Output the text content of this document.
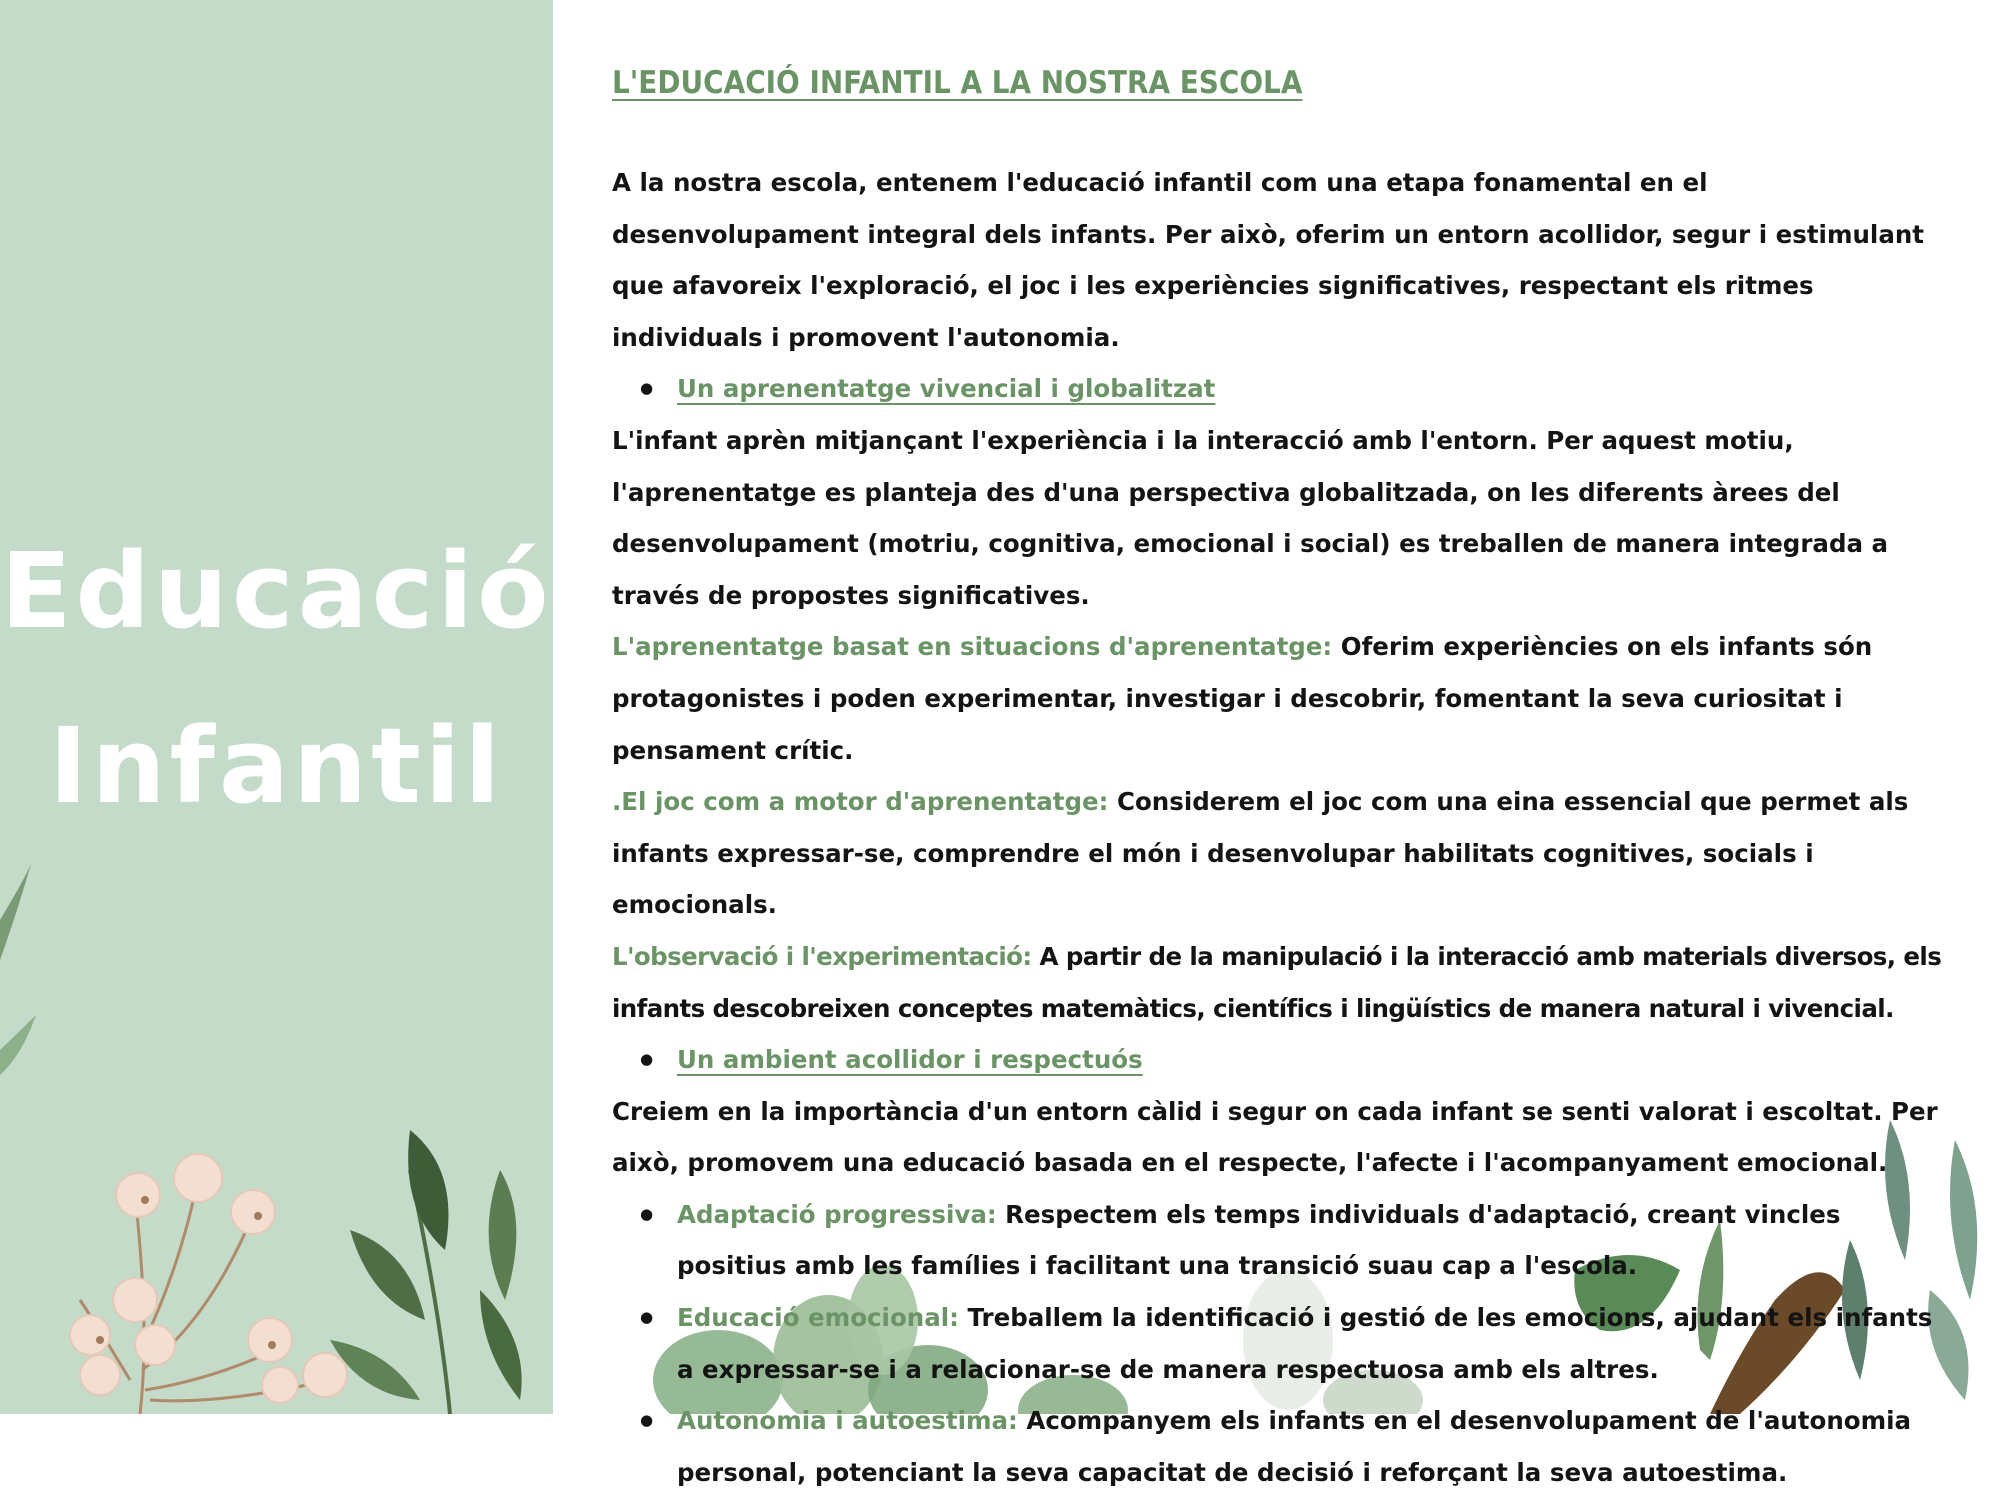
Educació
Infantil
L'EDUCACIÓ INFANTIL A LA NOSTRA ESCOLA

A la nostra escola, entenem l'educació infantil com una etapa fonamental en el desenvolupament integral dels infants. Per això, oferim un entorn acollidor, segur i estimulant que afavoreix l'exploració, el joc i les experiències significatives, respectant els ritmes individuals i promovent l'autonomia.

● Un aprenentatge vivencial i globalitzat

L'infant aprèn mitjançant l'experiència i la interacció amb l'entorn. Per aquest motiu, l'aprenentatge es planteja des d'una perspectiva globalitzada, on les diferents àrees del desenvolupament (motriu, cognitiva, emocional i social) es treballen de manera integrada a través de propostes significatives.

L'aprenentatge basat en situacions d'aprenentatge: Oferim experiències on els infants són protagonistes i poden experimentar, investigar i descobrir, fomentant la seva curiositat i pensament crític.

.El joc com a motor d'aprenentatge: Considerem el joc com una eina essencial que permet als infants expressar-se, comprendre el món i desenvolupar habilitats cognitives, socials i emocionals.

L'observació i l'experimentació: A partir de la manipulació i la interacció amb materials diversos, els infants descobreixen conceptes matemàtics, científics i lingüístics de manera natural i vivencial.

● Un ambient acollidor i respectuós

Creiem en la importància d'un entorn càlid i segur on cada infant se senti valorat i escoltat. Per això, promovem una educació basada en el respecte, l'afecte i l'acompanyament emocional.

● Adaptació progressiva: Respectem els temps individuals d'adaptació, creant vincles positius amb les famílies i facilitant una transició suau cap a l'escola.

● Educació emocional: Treballem la identificació i gestió de les emocions, ajudant els infants a expressar-se i a relacionar-se de manera respectuosa amb els altres.

● Autonomia i autoestima: Acompanyem els infants en el desenvolupament de l'autonomia personal, potenciant la seva capacitat de decisió i reforçant la seva autoestima.
